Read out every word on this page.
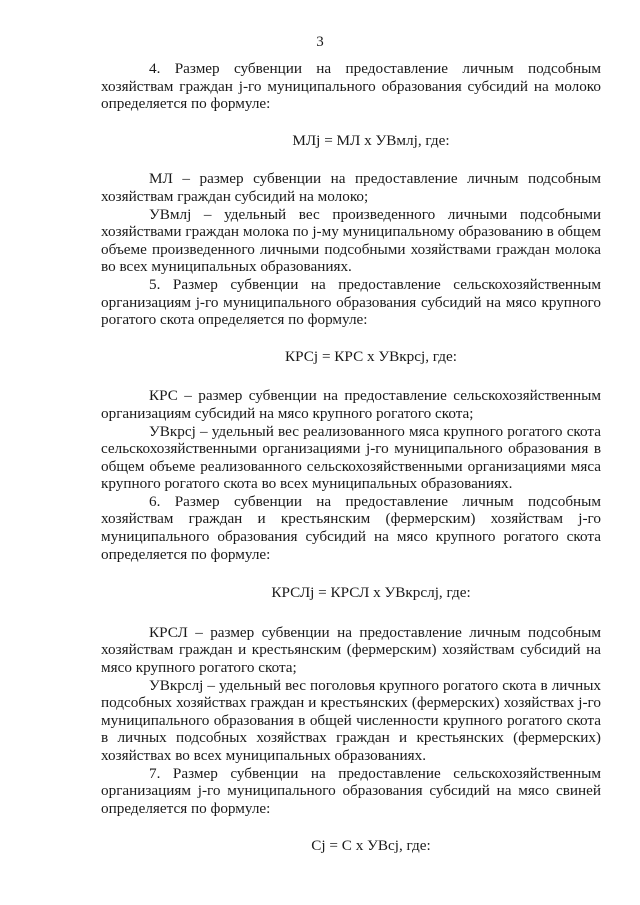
3

4. Размер субвенции на предоставление личным подсобным хозяйствам граждан j-го муниципального образования субсидий на молоко определяется по формуле:

МЛj = МЛ х УВмлj, где:

МЛ – размер субвенции на предоставление личным подсобным хозяйствам граждан субсидий на молоко;

УВмлj – удельный вес произведенного личными подсобными хозяйствами граждан молока по j-му муниципальному образованию в общем объеме произведенного личными подсобными хозяйствами граждан молока во всех муниципальных образованиях.

5. Размер субвенции на предоставление сельскохозяйственным организациям j-го муниципального образования субсидий на мясо крупного рогатого скота определяется по формуле:

КРСj = КРС х УВкрсj, где:

КРС – размер субвенции на предоставление сельскохозяйственным организациям субсидий на мясо крупного рогатого скота;

УВкрсj – удельный вес реализованного мяса крупного рогатого скота сельскохозяйственными организациями j-го муниципального образования в общем объеме реализованного сельскохозяйственными организациями мяса крупного рогатого скота во всех муниципальных образованиях.

6. Размер субвенции на предоставление личным подсобным хозяйствам граждан и крестьянским (фермерским) хозяйствам j-го муниципального образования субсидий на мясо крупного рогатого скота определяется по формуле:

КРСЛj = КРСЛ х УВкрслj, где:

КРСЛ – размер субвенции на предоставление личным подсобным хозяйствам граждан и крестьянским (фермерским) хозяйствам субсидий на мясо крупного рогатого скота;

УВкрслj – удельный вес поголовья крупного рогатого скота в личных подсобных хозяйствах граждан и крестьянских (фермерских) хозяйствах j-го муниципального образования в общей численности крупного рогатого скота в личных подсобных хозяйствах граждан и крестьянских (фермерских) хозяйствах во всех муниципальных образованиях.

7. Размер субвенции на предоставление сельскохозяйственным организациям j-го муниципального образования субсидий на мясо свиней определяется по формуле:

Сj = С х УВсj, где:
